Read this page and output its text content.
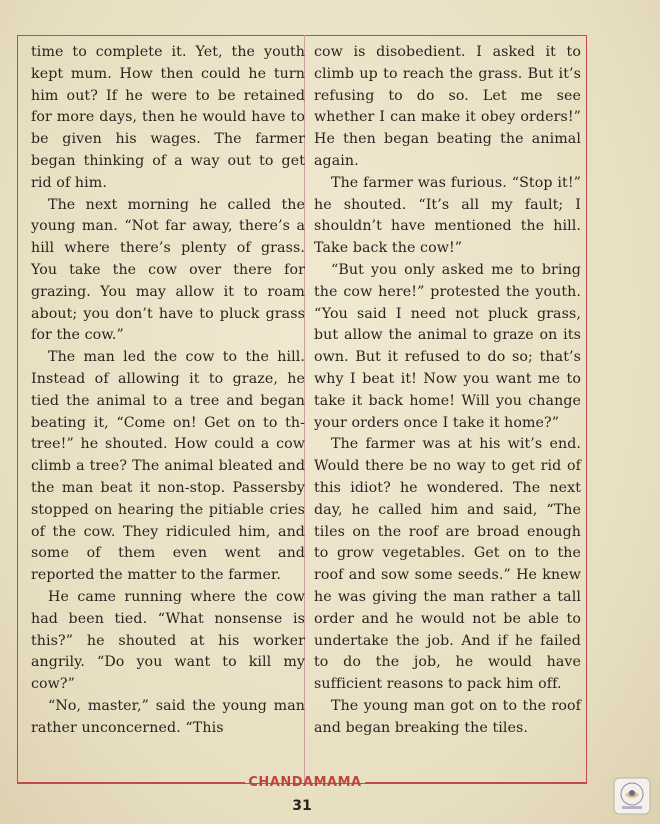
time to complete it. Yet, the youth kept mum. How then could he turn him out? If he were to be retained for more days, then he would have to be given his wages. The farmer began thinking of a way out to get rid of him.

The next morning he called the young man. “Not far away, there’s a hill where there’s plenty of grass. You take the cow over there for grazing. You may allow it to roam about; you don’t have to pluck grass for the cow.”

The man led the cow to the hill. Instead of allowing it to graze, he tied the animal to a tree and began beating it, “Come on! Get on to th- tree!” he shouted. How could a cow climb a tree? The animal bleated and the man beat it non-stop. Passersby stopped on hearing the pitiable cries of the cow. They ridiculed him, and some of them even went and reported the matter to the farmer.

He came running where the cow had been tied. “What nonsense is this?” he shouted at his worker angrily. “Do you want to kill my cow?”

“No, master,” said the young man rather unconcerned. “This

cow is disobedient. I asked it to climb up to reach the grass. But it’s refusing to do so. Let me see whether I can make it obey orders!” He then began beating the animal again.

The farmer was furious. “Stop it!” he shouted. “It’s all my fault; I shouldn’t have mentioned the hill. Take back the cow!”

“But you only asked me to bring the cow here!” protested the youth. “You said I need not pluck grass, but allow the animal to graze on its own. But it refused to do so; that’s why I beat it! Now you want me to take it back home! Will you change your orders once I take it home?”

The farmer was at his wit’s end. Would there be no way to get rid of this idiot? he wondered. The next day, he called him and said, “The tiles on the roof are broad enough to grow vegetables. Get on to the roof and sow some seeds.” He knew he was giving the man rather a tall order and he would not be able to undertake the job. And if he failed to do the job, he would have sufficient reasons to pack him off.

The young man got on to the roof and began breaking the tiles.

CHANDAMAMA
31
